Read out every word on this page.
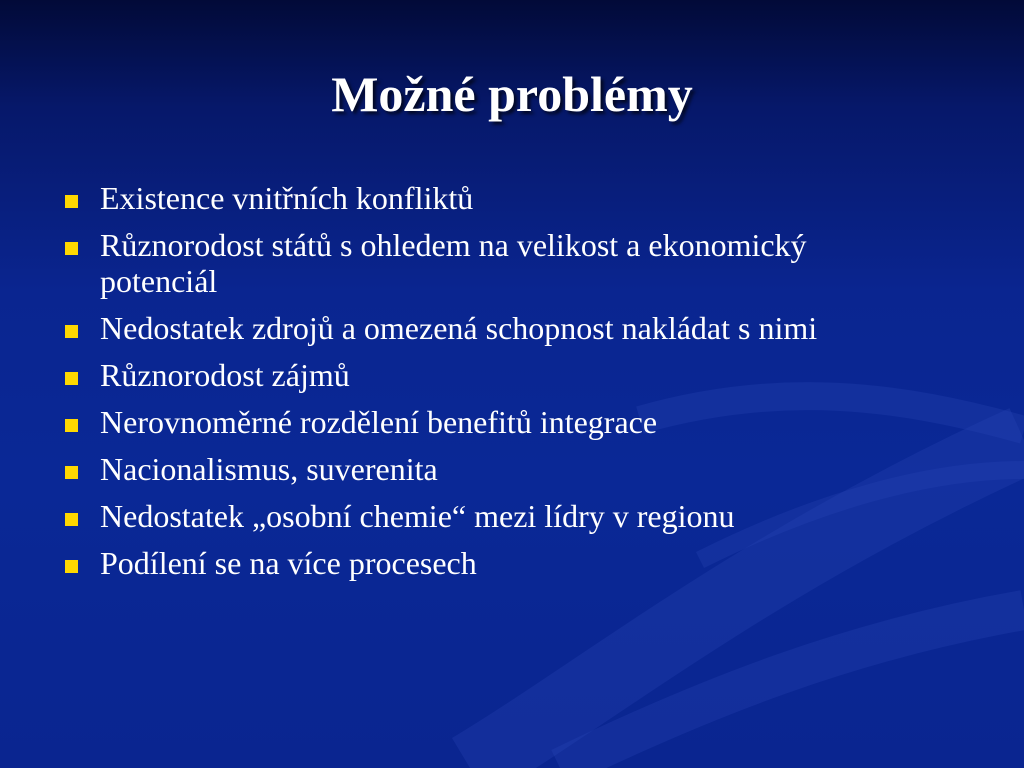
Možné problémy
Existence vnitřních konfliktů
Různorodost států s ohledem na velikost a ekonomický potenciál
Nedostatek zdrojů a omezená schopnost nakládat s nimi
Různorodost zájmů
Nerovnoměrné rozdělení benefitů integrace
Nacionalismus, suverenita
Nedostatek „osobní chemie“ mezi lídry v regionu
Podílení se na více procesech
